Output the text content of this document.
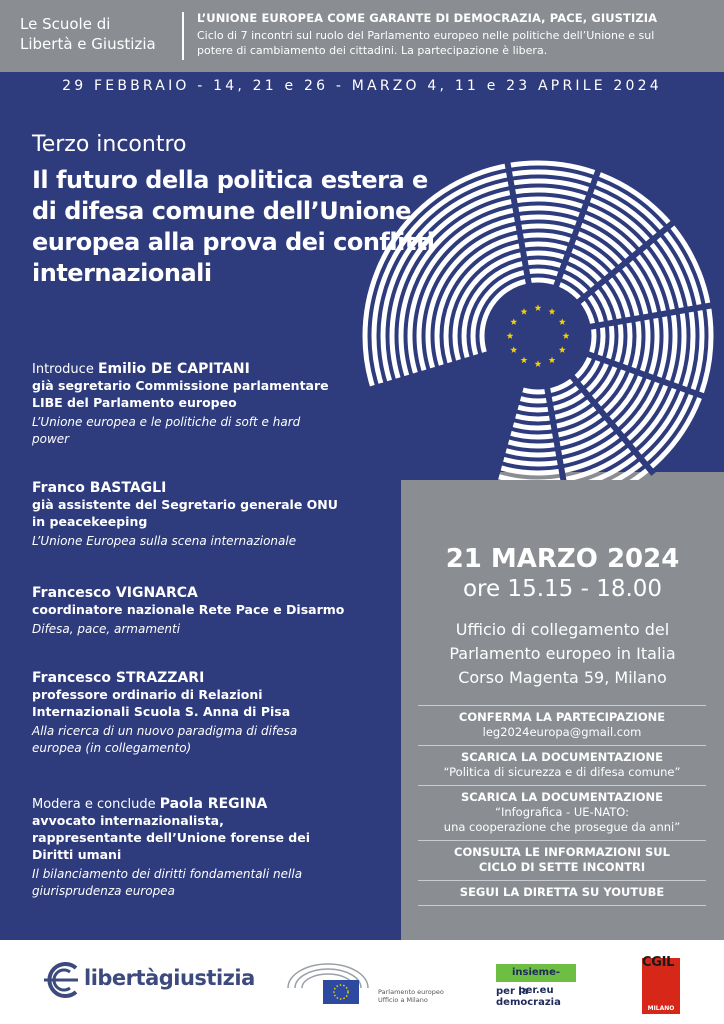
Le Scuole di
Libertà e Giustizia
L’UNIONE EUROPEA COME GARANTE DI DEMOCRAZIA, PACE, GIUSTIZIA
Ciclo di 7 incontri sul ruolo del Parlamento europeo nelle politiche dell’Unione e sul
potere di cambiamento dei cittadini. La partecipazione è libera.
29 FEBBRAIO - 14, 21 e 26 - MARZO 4, 11 e 23 APRILE 2024
Terzo incontro
Il futuro della politica estera e
di difesa comune dell’Unione
europea alla prova dei conflitti
internazionali
Introduce Emilio DE CAPITANI
già segretario Commissione parlamentare
LIBE del Parlamento europeo
L’Unione europea e le politiche di soft e hard
power
Franco BASTAGLI
già assistente del Segretario generale ONU
in peacekeeping
L’Unione Europea sulla scena internazionale
Francesco VIGNARCA
coordinatore nazionale Rete Pace e Disarmo
Difesa, pace, armamenti
Francesco STRAZZARI
professore ordinario di Relazioni
Internazionali Scuola S. Anna di Pisa
Alla ricerca di un nuovo paradigma di difesa
europea (in collegamento)
Modera e conclude Paola REGINA
avvocato internazionalista,
rappresentante dell’Unione forense dei
Diritti umani
Il bilanciamento dei diritti fondamentali nella
giurisprudenza europea
21 MARZO 2024
ore 15.15 - 18.00
Ufficio di collegamento del
Parlamento europeo in Italia
Corso Magenta 59, Milano
CONFERMA LA PARTECIPAZIONE
leg2024europa@gmail.com
SCARICA LA DOCUMENTAZIONE
“Politica di sicurezza e di difesa comune”
SCARICA LA DOCUMENTAZIONE
“Infografica - UE-NATO:
una cooperazione che prosegue da anni”
CONSULTA LE INFORMAZIONI SUL
CICLO DI SETTE INCONTRI
SEGUI LA DIRETTA SU YOUTUBE
libertàgiustizia
Parlamento europeo
Ufficio a Milano
insieme-per.eu
per la democrazia
CGIL
MILANO
